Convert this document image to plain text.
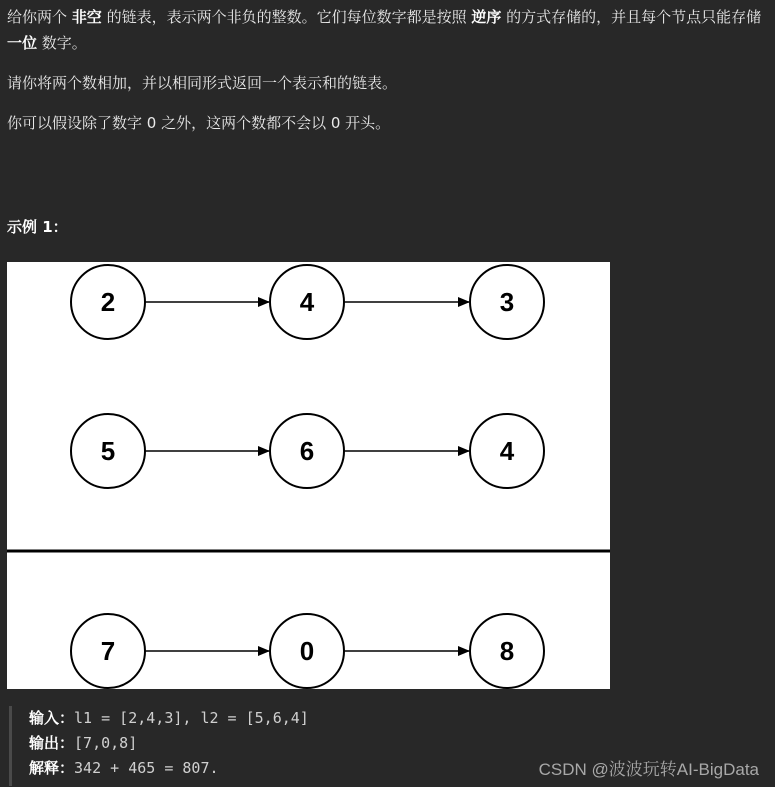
给你两个 非空 的链表，表示两个非负的整数。它们每位数字都是按照 逆序 的方式存储的，并且每个节点只能存储 一位 数字。

请你将两个数相加，并以相同形式返回一个表示和的链表。

你可以假设除了数字 0 之外，这两个数都不会以 0 开头。

示例 1：
2	4	3
5	6	4
7	0	8
输入：l1 = [2,4,3], l2 = [5,6,4]
输出：[7,0,8]
解释：342 + 465 = 807.	CSDN @波波玩转AI-BigData
